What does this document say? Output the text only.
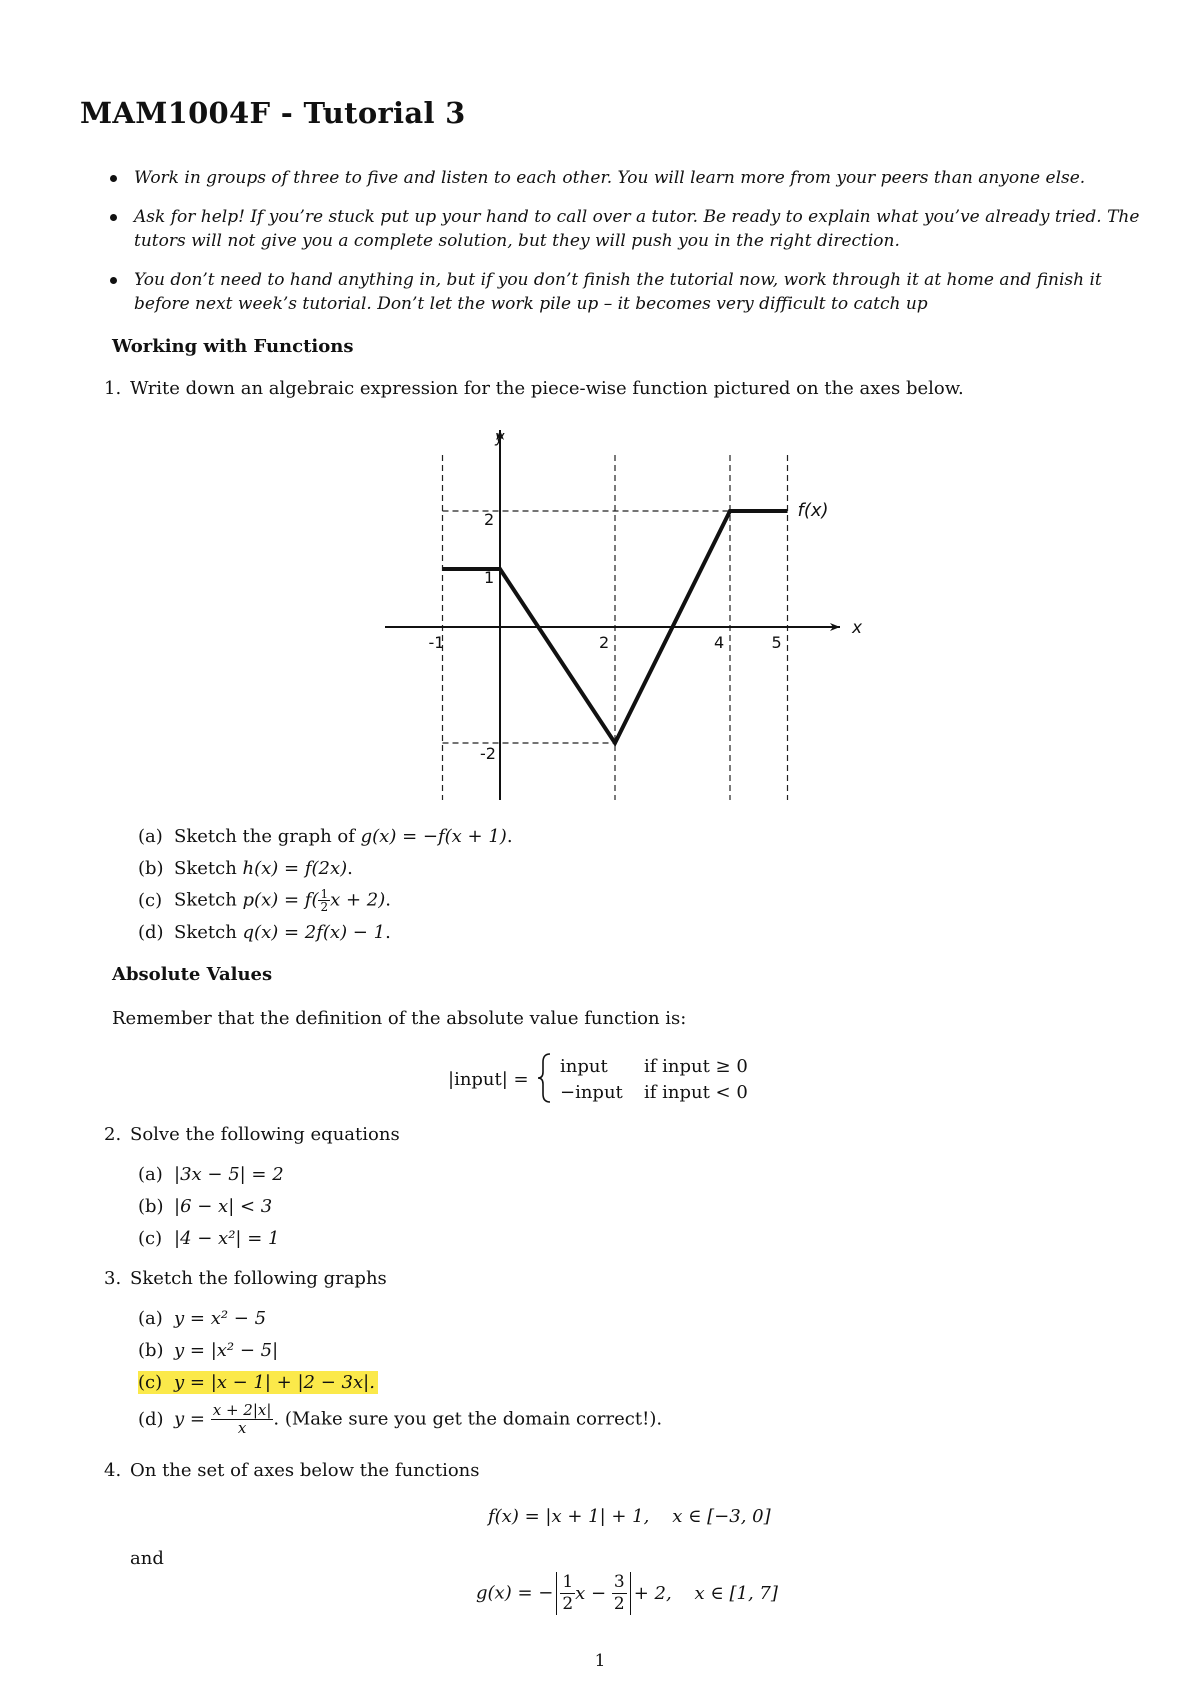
MAM1004F - Tutorial 3
Work in groups of three to five and listen to each other. You will learn more from your peers than anyone else.
Ask for help! If you’re stuck put up your hand to call over a tutor. Be ready to explain what you’ve already tried. The tutors will not give you a complete solution, but they will push you in the right direction.
You don’t need to hand anything in, but if you don’t finish the tutorial now, work through it at home and finish it before next week’s tutorial. Don’t let the work pile up – it becomes very difficult to catch up
Working with Functions
1. Write down an algebraic expression for the piece-wise function pictured on the axes below.
-1	2	4	5
2
1
-2
x
y
f(x)
(a) Sketch the graph of g(x) = −f(x + 1).
(b) Sketch h(x) = f(2x).
(c) Sketch $p(x) = f( \frac{1}{2}$ x + 2).
(d) Sketch q(x) = 2f(x) − 1.
Absolute Values
Remember that the definition of the absolute value function is:
|input| =
input if input ≥ 0
−input if input < 0
2. Solve the following equations
(a) |3x − 5| = 2
(b) |6 − x| < 3
(c) |4 − x²| = 1
3. Sketch the following graphs
(a) y = x² − 5
(b) y = |x² − 5|
(c) y = |x − 1| + |2 − 3x|.
(d) $y = \frac{x + 2|x|}{x}$ . (Make sure you get the domain correct!).
4. On the set of axes below the functions
f(x) = |x + 1| + 1,    x ∈ [−3, 0]
and
g(x) = − $\frac{1}{2}$ $x - \frac{3}{2} + 2$,    x ∈ [1, 7]
1
